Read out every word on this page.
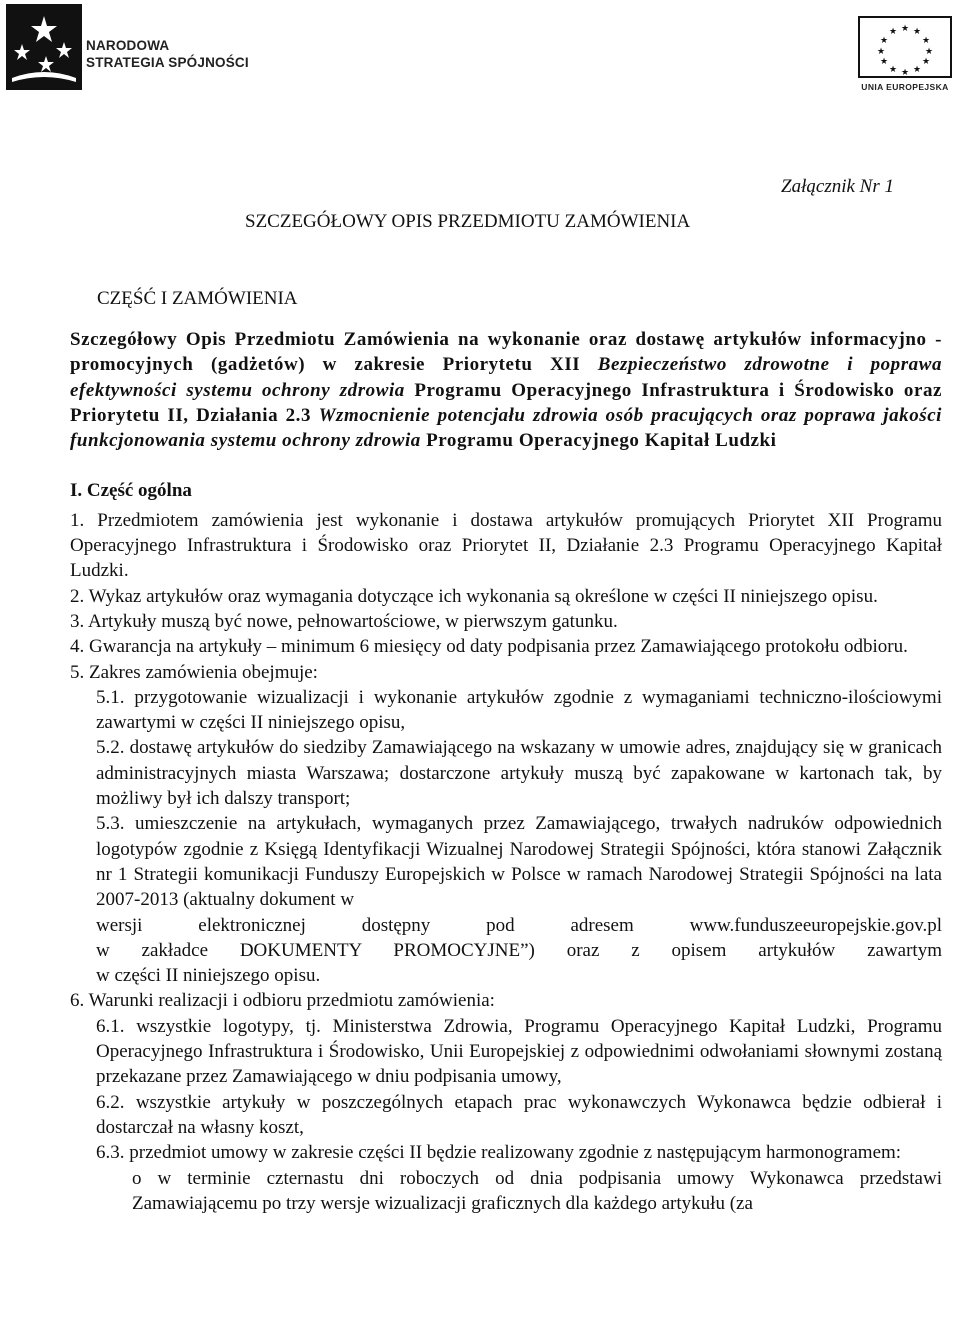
NARODOWA
STRATEGIA SPÓJNOŚCI
★ ★
★
★
★
★
★
★
★
★
★
★
UNIA EUROPEJSKA
Załącznik Nr 1
SZCZEGÓŁOWY OPIS PRZEDMIOTU ZAMÓWIENIA
CZĘŚĆ I ZAMÓWIENIA

Szczegółowy Opis Przedmiotu Zamówienia na wykonanie oraz dostawę artykułów informacyjno - promocyjnych (gadżetów) w zakresie Priorytetu XII Bezpieczeństwo zdrowotne i poprawa efektywności systemu ochrony zdrowia Programu Operacyjnego Infrastruktura i Środowisko oraz Priorytetu II, Działania 2.3 Wzmocnienie potencjału zdrowia osób pracujących oraz poprawa jakości funkcjonowania systemu ochrony zdrowia Programu Operacyjnego Kapitał Ludzki

I. Część ogólna

1. Przedmiotem zamówienia jest wykonanie i dostawa artykułów promujących Priorytet XII Programu Operacyjnego Infrastruktura i Środowisko oraz Priorytet II, Działanie 2.3 Programu Operacyjnego Kapitał Ludzki.

2. Wykaz artykułów oraz wymagania dotyczące ich wykonania są określone w części II niniejszego opisu.

3. Artykuły muszą być nowe, pełnowartościowe, w pierwszym gatunku.

4. Gwarancja na artykuły – minimum 6 miesięcy od daty podpisania przez Zamawiającego protokołu odbioru.

5. Zakres zamówienia obejmuje:

5.1. przygotowanie wizualizacji i wykonanie artykułów zgodnie z wymaganiami techniczno-ilościowymi zawartymi w części II niniejszego opisu,

5.2. dostawę artykułów do siedziby Zamawiającego na wskazany w umowie adres, znajdujący się w granicach administracyjnych miasta Warszawa; dostarczone artykuły muszą być zapakowane w kartonach tak, by możliwy był ich dalszy transport;

5.3. umieszczenie na artykułach, wymaganych przez Zamawiającego, trwałych nadruków odpowiednich logotypów zgodnie z Księgą Identyfikacji Wizualnej Narodowej Strategii Spójności, która stanowi Załącznik nr 1 Strategii komunikacji Funduszy Europejskich w Polsce w ramach Narodowej Strategii Spójności na lata 2007-2013 (aktualny dokument w

wersji elektronicznej dostępny pod adresem www.funduszeeuropejskie.gov.pl

w zakładce DOKUMENTY PROMOCYJNE”) oraz z opisem artykułów zawartym

w części II niniejszego opisu.

6. Warunki realizacji i odbioru przedmiotu zamówienia:

6.1. wszystkie logotypy, tj. Ministerstwa Zdrowia, Programu Operacyjnego Kapitał Ludzki, Programu Operacyjnego Infrastruktura i Środowisko, Unii Europejskiej z odpowiednimi odwołaniami słownymi zostaną przekazane przez Zamawiającego w dniu podpisania umowy,

6.2. wszystkie artykuły w poszczególnych etapach prac wykonawczych Wykonawca będzie odbierał i dostarczał na własny koszt,

6.3. przedmiot umowy w zakresie części II będzie realizowany zgodnie z następującym harmonogramem:

o w terminie czternastu dni roboczych od dnia podpisania umowy Wykonawca przedstawi Zamawiającemu po trzy wersje wizualizacji graficznych dla każdego artykułu (za
